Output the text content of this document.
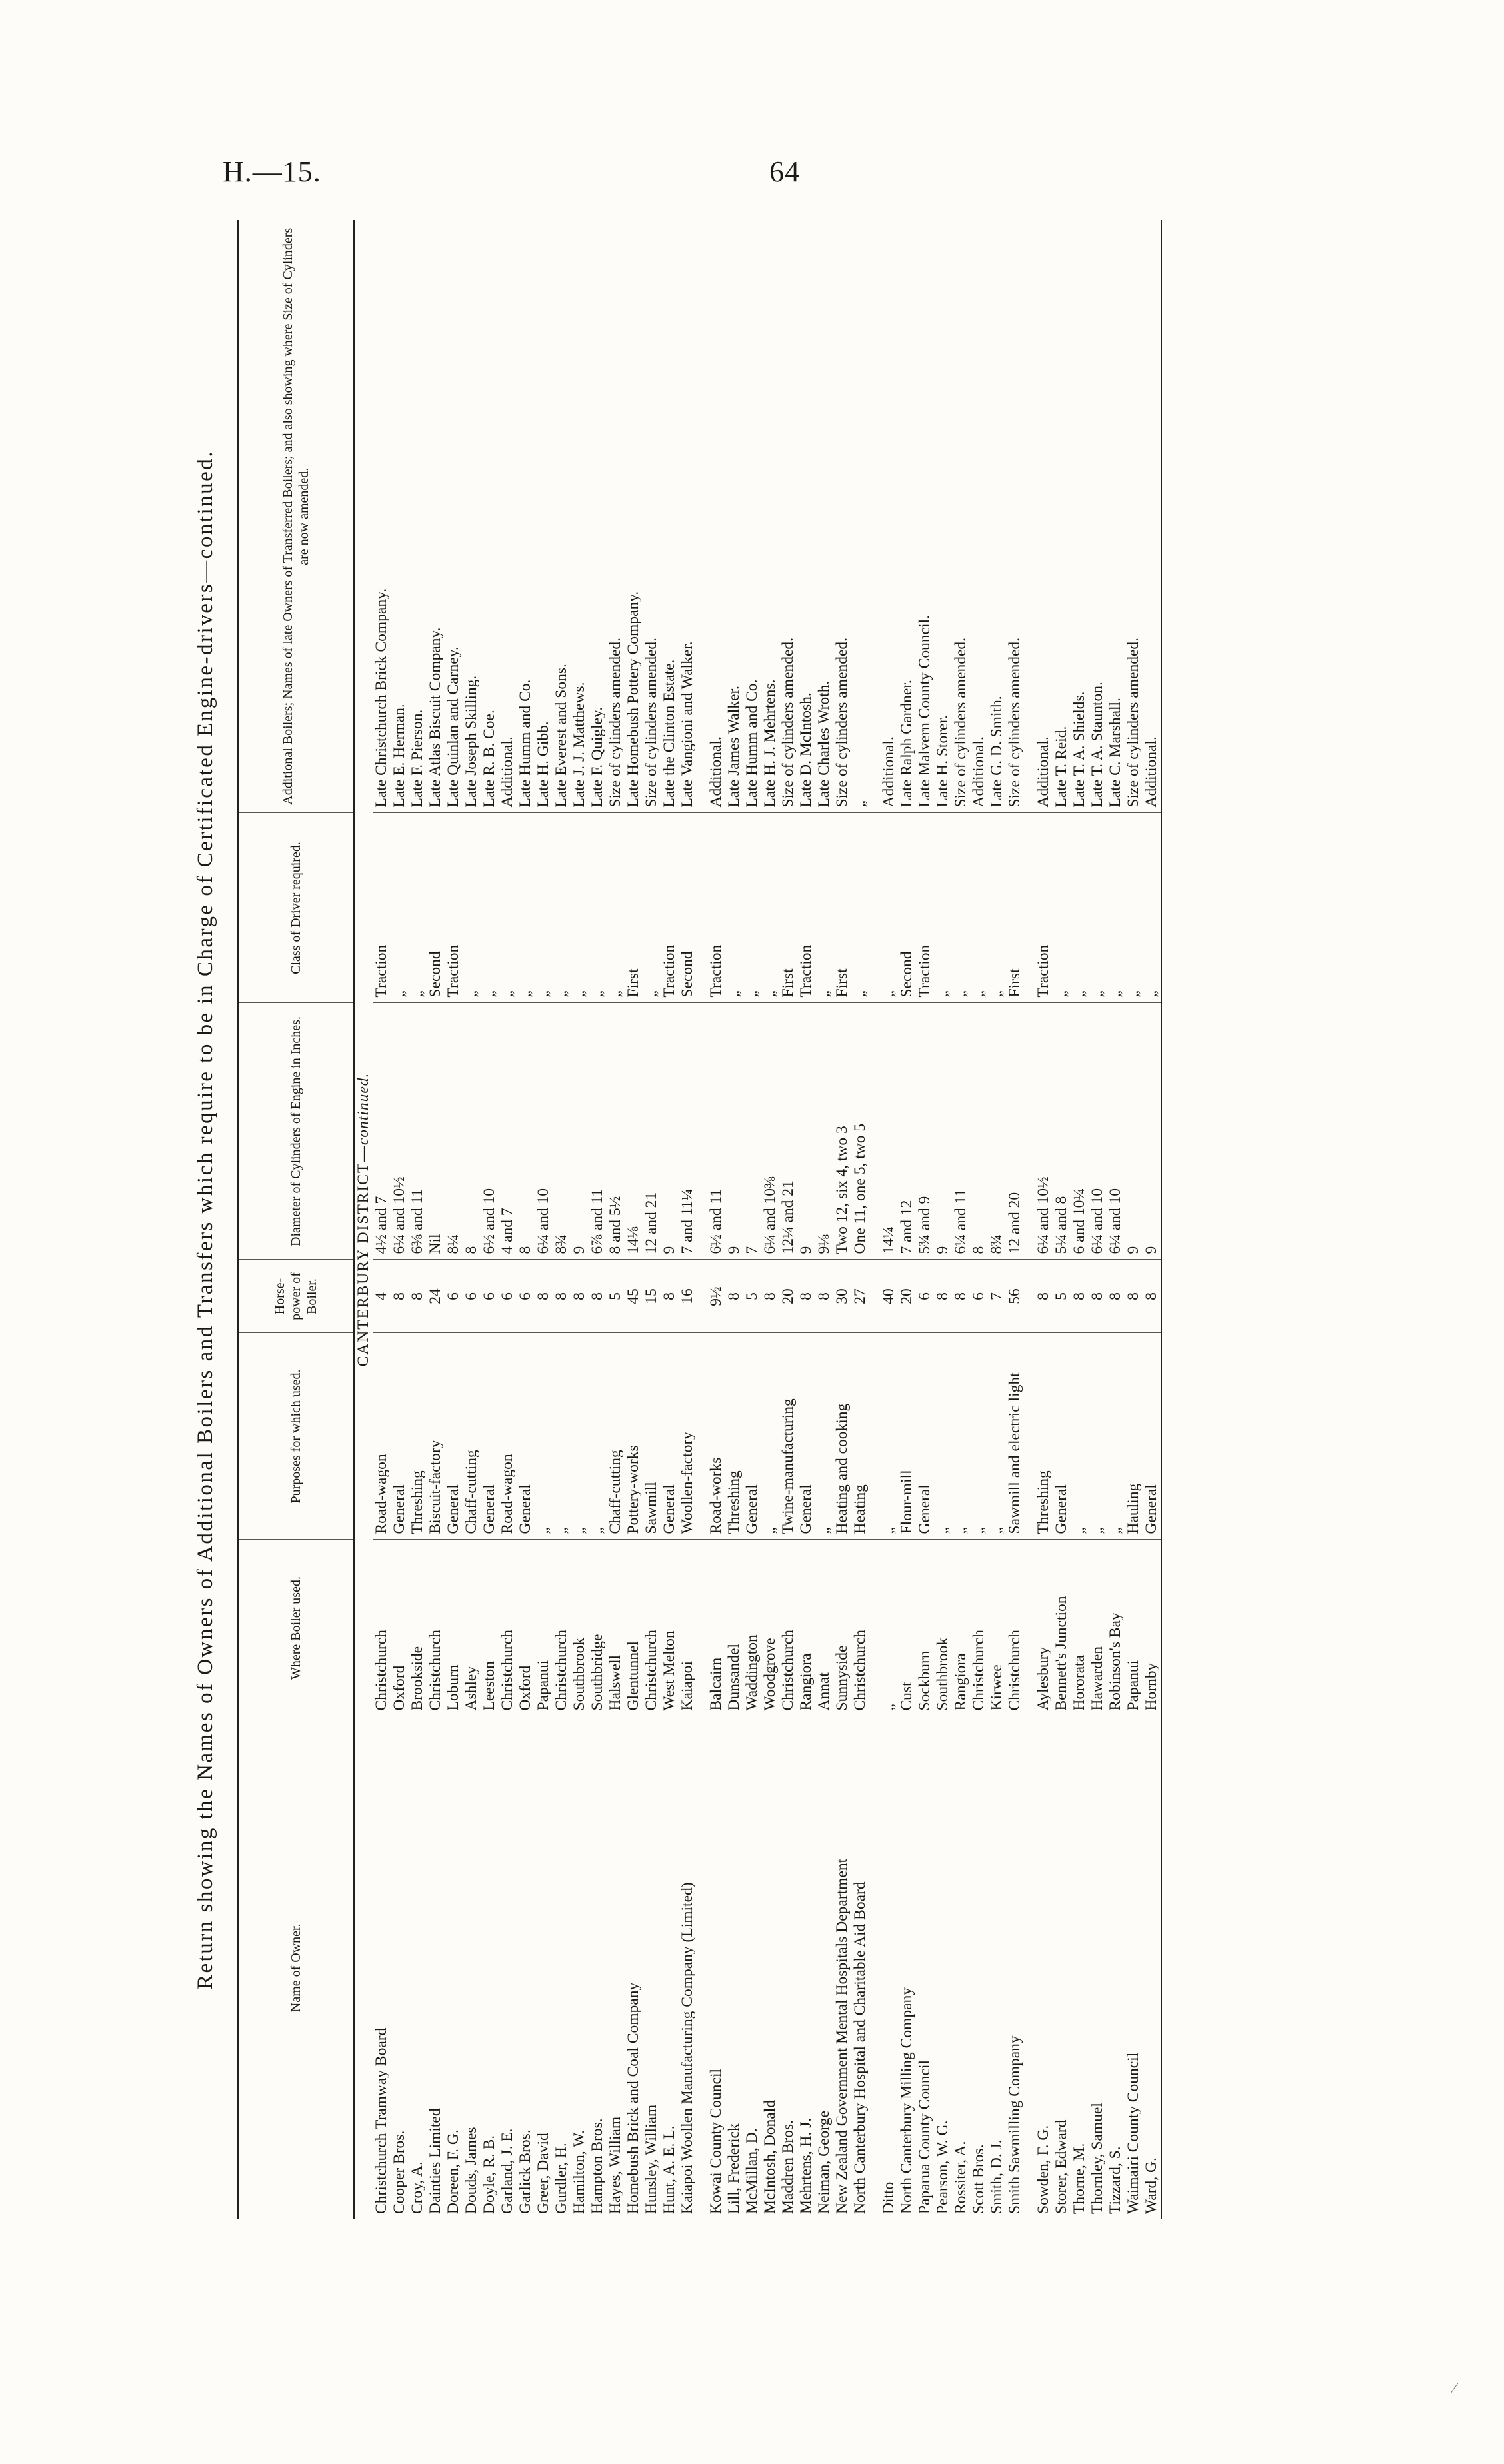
H.—15.	64
Return showing the Names of Owners of Additional Boilers and Transfers which require to be in Charge of Certificated Engine-drivers—continued.	Name of Owner.	Where Boiler used.	Purposes for which used.	Horse-power of Boiler.	Diameter of Cylinders of Engine in Inches.	Class of Driver required.	Additional Boilers; Names of late Owners of Transferred Boilers; and also showing where Size of Cylinders are now amended.
CANTERBURY DISTRICT—continued.						
Christchurch Tramway Board	Christchurch	Road-wagon	4	4½ and 7	Traction	Late Christchurch Brick Company.
Cooper Bros.	Oxford	General	8	6¼ and 10½	„	Late E. Herman.
Croy, A.	Brookside	Threshing	8	6⅜ and 11	„	Late F. Pierson.
Dainties Limited	Christchurch	Biscuit-factory	24	Nil	Second	Late Atlas Biscuit Company.
Doreen, F. G.	Loburn	General	6	8¼	Traction	Late Quinlan and Carney.
Douds, James	Ashley	Chaff-cutting	6	8	„	Late Joseph Skilling.
Doyle, R. B.	Leeston	General	6	6½ and 10	„	Late R. B. Coe.
Garland, J. E.	Christchurch	Road-wagon	6	4 and 7	„	Additional.
Garlick Bros.	Oxford	General	6	8	„	Late Humm and Co.
Greer, David	Papanui	„	8	6¼ and 10	„	Late H. Gibb.
Gurdler, H.	Christchurch	„	8	8¾	„	Late Everest and Sons.
Hamilton, W.	Southbrook	„	8	9	„	Late J. J. Matthews.
Hampton Bros.	Southbridge	„	8	6⅞ and 11	„	Late F. Quigley.
Hayes, William	Halswell	Chaff-cutting	5	8 and 5½	„	Size of cylinders amended.
Homebush Brick and Coal Company	Glentunnel	Pottery-works	45	14⅛	First	Late Homebush Pottery Company.
Hunsley, William	Christchurch	Sawmill	15	12 and 21	„	Size of cylinders amended.
Hunt, A. E. L.	West Melton	General	8	9	Traction	Late the Clinton Estate.
Kaiapoi Woollen Manufacturing Company (Limited)	Kaiapoi	Woollen-factory	16	7 and 11¼	Second	Late Vangioni and Walker.

Kowai County Council	Balcairn	Road-works	9½	6½ and 11	Traction	Additional.
Lill, Frederick	Dunsandel	Threshing	8	9	„	Late James Walker.
McMillan, D.	Waddington	General	5	7	„	Late Humm and Co.
McIntosh, Donald	Woodgrove	„	8	6¼ and 10⅜	„	Late H. J. Mehrtens.
Maddren Bros.	Christchurch	Twine-manufacturing	20	12¼ and 21	First	Size of cylinders amended.
Mehrtens, H. J.	Rangiora	General	8	9	Traction	Late D. McIntosh.
Neiman, George	Annat	„	8	9⅛	„	Late Charles Wroth.
New Zealand Government Mental Hospitals Department	Sunnyside	Heating and cooking	30	Two 12, six 4, two 3	First	Size of cylinders amended.
North Canterbury Hospital and Charitable Aid Board	Christchurch	Heating	27	One 11, one 5, two 5	„	„

Ditto	„	„	40	14¼	„	Additional.
North Canterbury Milling Company	Cust	Flour-mill	20	7 and 12	Second	Late Ralph Gardner.
Paparua County Council	Sockburn	General	6	5¾ and 9	Traction	Late Malvern County Council.
Pearson, W. G.	Southbrook	„	8	9	„	Late H. Storer.
Rossiter, A.	Rangiora	„	8	6¼ and 11	„	Size of cylinders amended.
Scott Bros.	Christchurch	„	6	8	„	Additional.
Smith, D. J.	Kirwee	„	7	8¾	„	Late G. D. Smith.
Smith Sawmilling Company	Christchurch	Sawmill and electric light	56	12 and 20	First	Size of cylinders amended.

Sowden, F. G.	Aylesbury	Threshing	8	6¼ and 10½	Traction	Additional.
Storer, Edward	Bennett's Junction	General	5	5¼ and 8	„	Late T. Reid.
Thorne, M.	Hororata	„	8	6 and 10¼	„	Late T. A. Shields.
Thornley, Samuel	Hawarden	„	8	6¼ and 10	„	Late T. A. Staunton.
Tizzard, S.	Robinson's Bay	„	8	6¼ and 10	„	Late C. Marshall.
Waimairi County Council	Papanui	Hauling	8	9	„	Size of cylinders amended.
Ward, G.	Hornby	General	8	9	„	Additional.
⁄
